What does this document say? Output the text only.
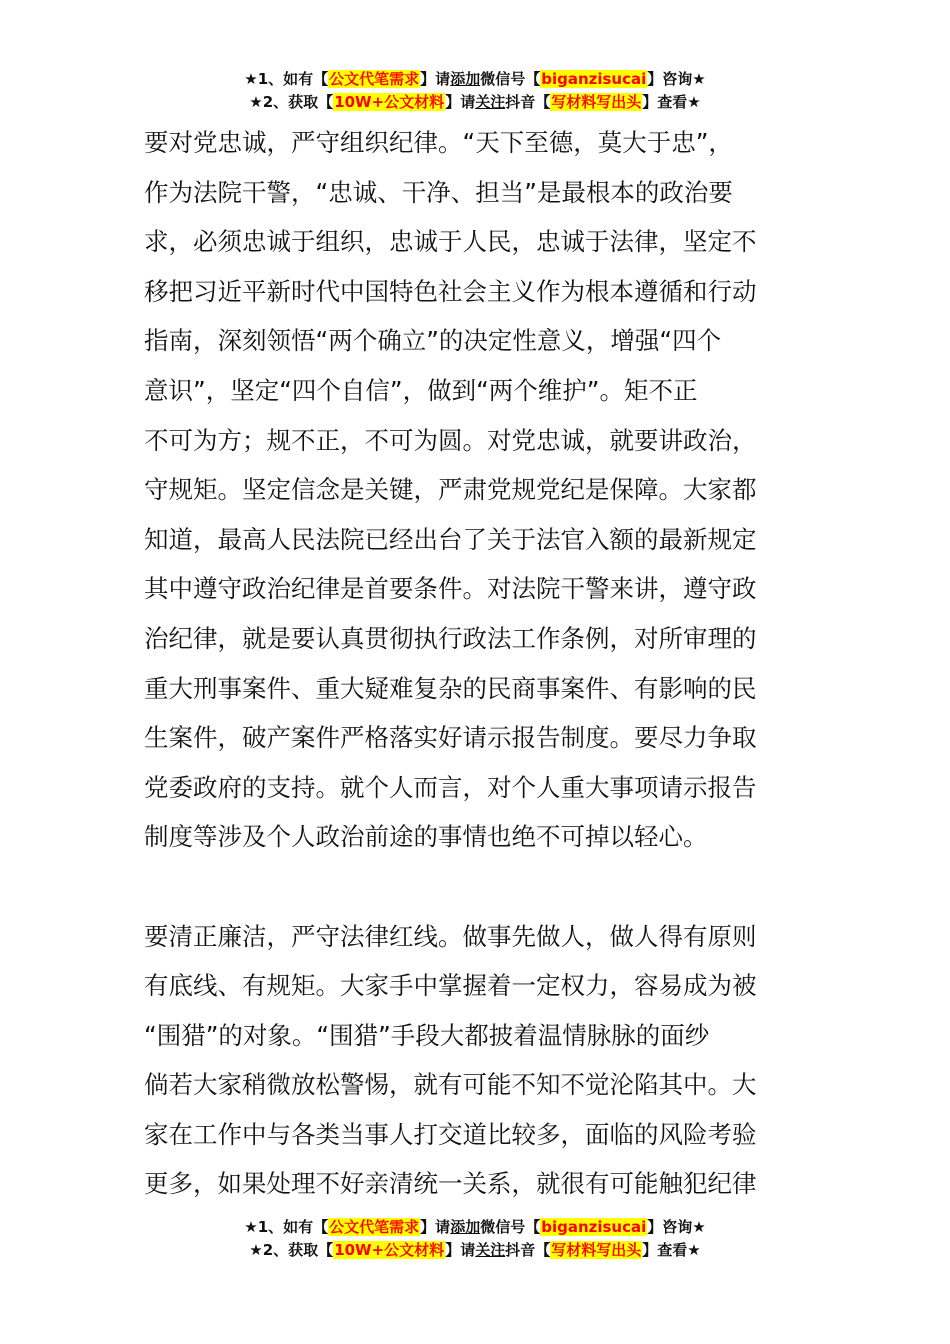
★1、如有【公文代笔需求】请添加微信号【biganzisucai】咨询★
★2、获取【10W+公文材料】请关注抖音【写材料写出头】查看★
要对党忠诚，严守组织纪律。“天下至德，莫大于忠”，
作为法院干警，“忠诚、干净、担当”是最根本的政治要
求，必须忠诚于组织，忠诚于人民，忠诚于法律，坚定不
移把习近平新时代中国特色社会主义作为根本遵循和行动
指南，深刻领悟“两个确立”的决定性意义，增强“四个
意识”，坚定“四个自信”，做到“两个维护”。矩不正
不可为方；规不正，不可为圆。对党忠诚，就要讲政治，
守规矩。坚定信念是关键，严肃党规党纪是保障。大家都
知道，最高人民法院已经出台了关于法官入额的最新规定
其中遵守政治纪律是首要条件。对法院干警来讲，遵守政
治纪律，就是要认真贯彻执行政法工作条例，对所审理的
重大刑事案件、重大疑难复杂的民商事案件、有影响的民
生案件，破产案件严格落实好请示报告制度。要尽力争取
党委政府的支持。就个人而言，对个人重大事项请示报告
制度等涉及个人政治前途的事情也绝不可掉以轻心。
要清正廉洁，严守法律红线。做事先做人，做人得有原则
有底线、有规矩。大家手中掌握着一定权力，容易成为被
“围猎”的对象。“围猎”手段大都披着温情脉脉的面纱
倘若大家稍微放松警惕，就有可能不知不觉沦陷其中。大
家在工作中与各类当事人打交道比较多，面临的风险考验
更多，如果处理不好亲清统一关系，就很有可能触犯纪律
★1、如有【公文代笔需求】请添加微信号【biganzisucai】咨询★
★2、获取【10W+公文材料】请关注抖音【写材料写出头】查看★
